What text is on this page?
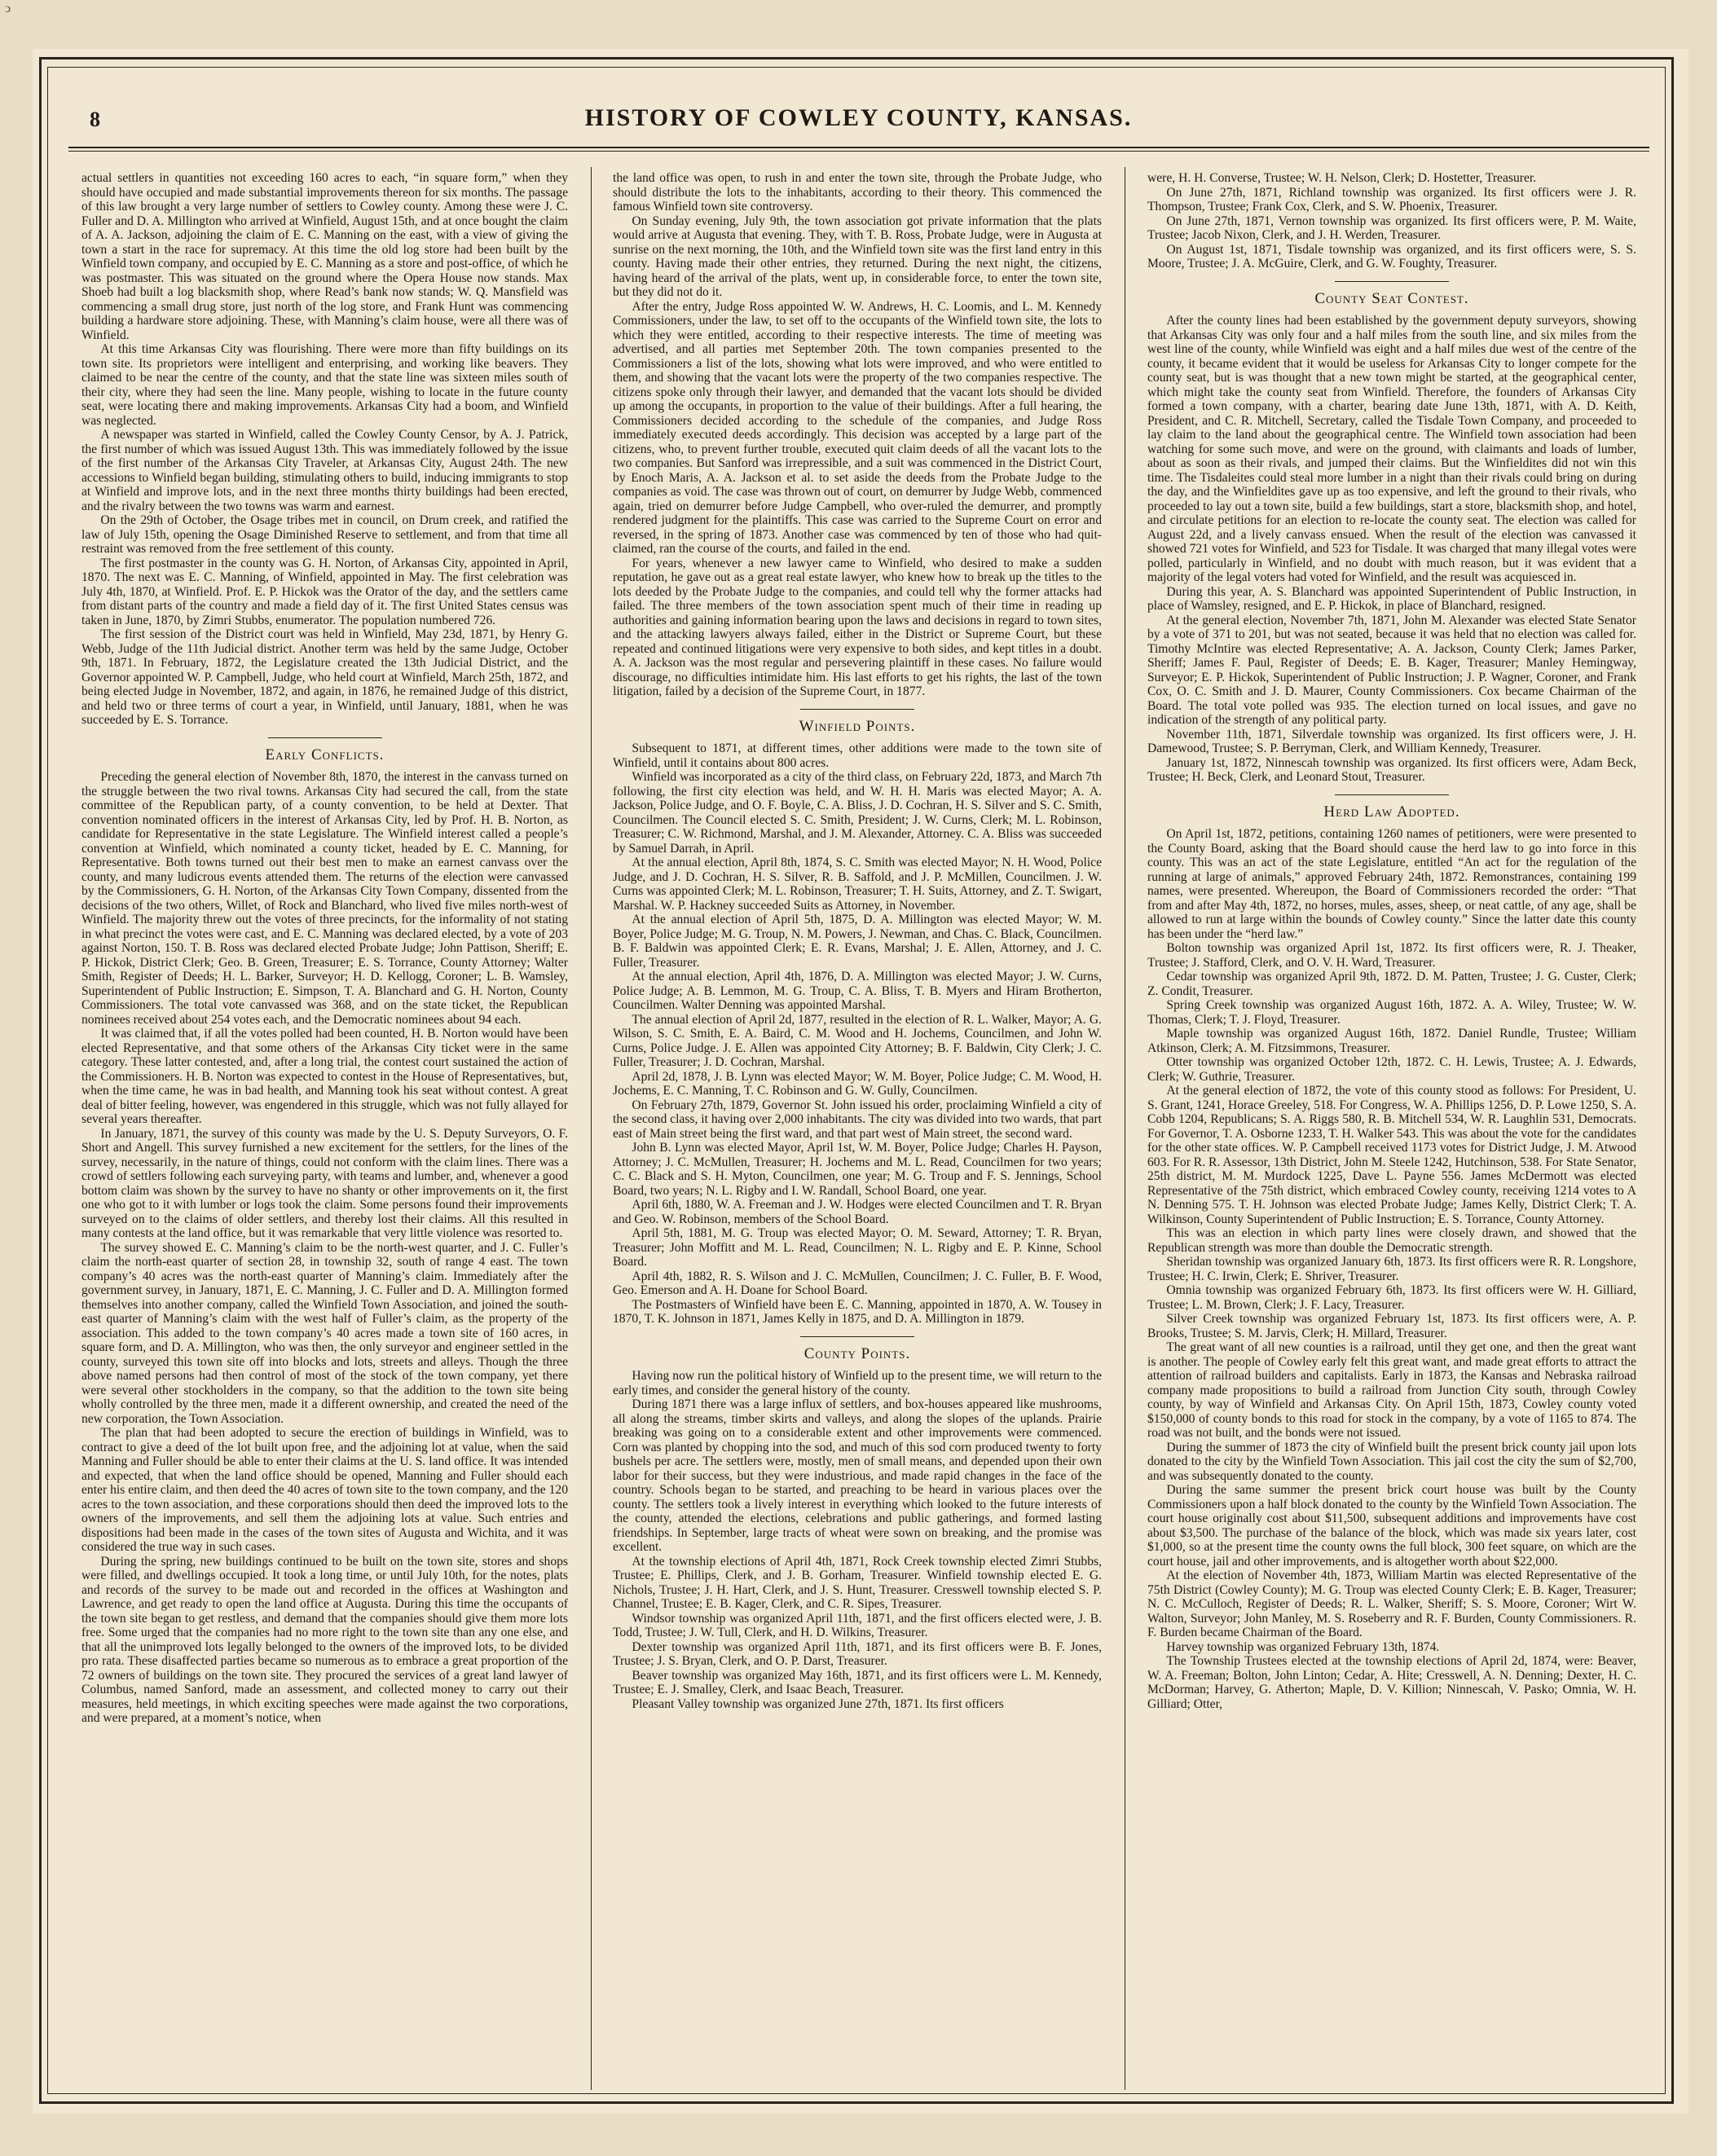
ↄ
8	HISTORY OF COWLEY COUNTY, KANSAS.

actual settlers in quantities not exceeding 160 acres to each, “in square form,” when they should have occupied and made substantial improvements thereon for six months. The passage of this law brought a very large number of settlers to Cowley county. Among these were J. C. Fuller and D. A. Millington who arrived at Winfield, August 15th, and at once bought the claim of A. A. Jackson, adjoining the claim of E. C. Manning on the east, with a view of giving the town a start in the race for supremacy. At this time the old log store had been built by the Winfield town company, and occupied by E. C. Manning as a store and post-office, of which he was postmaster. This was situated on the ground where the Opera House now stands. Max Shoeb had built a log blacksmith shop, where Read’s bank now stands; W. Q. Mansfield was commencing a small drug store, just north of the log store, and Frank Hunt was commencing building a hardware store adjoining. These, with Manning’s claim house, were all there was of Winfield.

At this time Arkansas City was flourishing. There were more than fifty buildings on its town site. Its proprietors were intelligent and enterprising, and working like beavers. They claimed to be near the centre of the county, and that the state line was sixteen miles south of their city, where they had seen the line. Many people, wishing to locate in the future county seat, were locating there and making improvements. Arkansas City had a boom, and Winfield was neglected.

A newspaper was started in Winfield, called the Cowley County Censor, by A. J. Patrick, the first number of which was issued August 13th. This was immediately followed by the issue of the first number of the Arkansas City Traveler, at Arkansas City, August 24th. The new accessions to Winfield began building, stimulating others to build, inducing immigrants to stop at Winfield and improve lots, and in the next three months thirty buildings had been erected, and the rivalry between the two towns was warm and earnest.

On the 29th of October, the Osage tribes met in council, on Drum creek, and ratified the law of July 15th, opening the Osage Diminished Reserve to settlement, and from that time all restraint was removed from the free settlement of this county.

The first postmaster in the county was G. H. Norton, of Arkansas City, appointed in April, 1870. The next was E. C. Manning, of Winfield, appointed in May. The first celebration was July 4th, 1870, at Winfield. Prof. E. P. Hickok was the Orator of the day, and the settlers came from distant parts of the country and made a field day of it. The first United States census was taken in June, 1870, by Zimri Stubbs, enumerator. The population numbered 726.

The first session of the District court was held in Winfield, May 23d, 1871, by Henry G. Webb, Judge of the 11th Judicial district. Another term was held by the same Judge, October 9th, 1871. In February, 1872, the Legislature created the 13th Judicial District, and the Governor appointed W. P. Campbell, Judge, who held court at Winfield, March 25th, 1872, and being elected Judge in November, 1872, and again, in 1876, he remained Judge of this district, and held two or three terms of court a year, in Winfield, until January, 1881, when he was succeeded by E. S. Torrance.

Early Conflicts.

Preceding the general election of November 8th, 1870, the interest in the canvass turned on the struggle between the two rival towns. Arkansas City had secured the call, from the state committee of the Republican party, of a county convention, to be held at Dexter. That convention nominated officers in the interest of Arkansas City, led by Prof. H. B. Norton, as candidate for Representative in the state Legislature. The Winfield interest called a people’s convention at Winfield, which nominated a county ticket, headed by E. C. Manning, for Representative. Both towns turned out their best men to make an earnest canvass over the county, and many ludicrous events attended them. The returns of the election were canvassed by the Commissioners, G. H. Norton, of the Arkansas City Town Company, dissented from the decisions of the two others, Willet, of Rock and Blanchard, who lived five miles north-west of Winfield. The majority threw out the votes of three precincts, for the informality of not stating in what precinct the votes were cast, and E. C. Manning was declared elected, by a vote of 203 against Norton, 150. T. B. Ross was declared elected Probate Judge; John Pattison, Sheriff; E. P. Hickok, District Clerk; Geo. B. Green, Treasurer; E. S. Torrance, County Attorney; Walter Smith, Register of Deeds; H. L. Barker, Surveyor; H. D. Kellogg, Coroner; L. B. Wamsley, Superintendent of Public Instruction; E. Simpson, T. A. Blanchard and G. H. Norton, County Commissioners. The total vote canvassed was 368, and on the state ticket, the Republican nominees received about 254 votes each, and the Democratic nominees about 94 each.

It was claimed that, if all the votes polled had been counted, H. B. Norton would have been elected Representative, and that some others of the Arkansas City ticket were in the same category. These latter contested, and, after a long trial, the contest court sustained the action of the Commissioners. H. B. Norton was expected to contest in the House of Representatives, but, when the time came, he was in bad health, and Manning took his seat without contest. A great deal of bitter feeling, however, was engendered in this struggle, which was not fully allayed for several years thereafter.

In January, 1871, the survey of this county was made by the U. S. Deputy Surveyors, O. F. Short and Angell. This survey furnished a new excitement for the settlers, for the lines of the survey, necessarily, in the nature of things, could not conform with the claim lines. There was a crowd of settlers following each surveying party, with teams and lumber, and, whenever a good bottom claim was shown by the survey to have no shanty or other improvements on it, the first one who got to it with lumber or logs took the claim. Some persons found their improvements surveyed on to the claims of older settlers, and thereby lost their claims. All this resulted in many contests at the land office, but it was remarkable that very little violence was resorted to.

The survey showed E. C. Manning’s claim to be the north-west quarter, and J. C. Fuller’s claim the north-east quarter of section 28, in township 32, south of range 4 east. The town company’s 40 acres was the north-east quarter of Manning’s claim. Immediately after the government survey, in January, 1871, E. C. Manning, J. C. Fuller and D. A. Millington formed themselves into another company, called the Winfield Town Association, and joined the south-east quarter of Manning’s claim with the west half of Fuller’s claim, as the property of the association. This added to the town company’s 40 acres made a town site of 160 acres, in square form, and D. A. Millington, who was then, the only surveyor and engineer settled in the county, surveyed this town site off into blocks and lots, streets and alleys. Though the three above named persons had then control of most of the stock of the town company, yet there were several other stockholders in the company, so that the addition to the town site being wholly controlled by the three men, made it a different ownership, and created the need of the new corporation, the Town Association.

The plan that had been adopted to secure the erection of buildings in Winfield, was to contract to give a deed of the lot built upon free, and the adjoining lot at value, when the said Manning and Fuller should be able to enter their claims at the U. S. land office. It was intended and expected, that when the land office should be opened, Manning and Fuller should each enter his entire claim, and then deed the 40 acres of town site to the town company, and the 120 acres to the town association, and these corporations should then deed the improved lots to the owners of the improvements, and sell them the adjoining lots at value. Such entries and dispositions had been made in the cases of the town sites of Augusta and Wichita, and it was considered the true way in such cases.

During the spring, new buildings continued to be built on the town site, stores and shops were filled, and dwellings occupied. It took a long time, or until July 10th, for the notes, plats and records of the survey to be made out and recorded in the offices at Washington and Lawrence, and get ready to open the land office at Augusta. During this time the occupants of the town site began to get restless, and demand that the companies should give them more lots free. Some urged that the companies had no more right to the town site than any one else, and that all the unimproved lots legally belonged to the owners of the improved lots, to be divided pro rata. These disaffected parties became so numerous as to embrace a great proportion of the 72 owners of buildings on the town site. They procured the services of a great land lawyer of Columbus, named Sanford, made an assessment, and collected money to carry out their measures, held meetings, in which exciting speeches were made against the two corporations, and were prepared, at a moment’s notice, when

the land office was open, to rush in and enter the town site, through the Probate Judge, who should distribute the lots to the inhabitants, according to their theory. This commenced the famous Winfield town site controversy.

On Sunday evening, July 9th, the town association got private information that the plats would arrive at Augusta that evening. They, with T. B. Ross, Probate Judge, were in Augusta at sunrise on the next morning, the 10th, and the Winfield town site was the first land entry in this county. Having made their other entries, they returned. During the next night, the citizens, having heard of the arrival of the plats, went up, in considerable force, to enter the town site, but they did not do it.

After the entry, Judge Ross appointed W. W. Andrews, H. C. Loomis, and L. M. Kennedy Commissioners, under the law, to set off to the occupants of the Winfield town site, the lots to which they were entitled, according to their respective interests. The time of meeting was advertised, and all parties met September 20th. The town companies presented to the Commissioners a list of the lots, showing what lots were improved, and who were entitled to them, and showing that the vacant lots were the property of the two companies respective. The citizens spoke only through their lawyer, and demanded that the vacant lots should be divided up among the occupants, in proportion to the value of their buildings. After a full hearing, the Commissioners decided according to the schedule of the companies, and Judge Ross immediately executed deeds accordingly. This decision was accepted by a large part of the citizens, who, to prevent further trouble, executed quit claim deeds of all the vacant lots to the two companies. But Sanford was irrepressible, and a suit was commenced in the District Court, by Enoch Maris, A. A. Jackson et al. to set aside the deeds from the Probate Judge to the companies as void. The case was thrown out of court, on demurrer by Judge Webb, commenced again, tried on demurrer before Judge Campbell, who over-ruled the demurrer, and promptly rendered judgment for the plaintiffs. This case was carried to the Supreme Court on error and reversed, in the spring of 1873. Another case was commenced by ten of those who had quit-claimed, ran the course of the courts, and failed in the end.

For years, whenever a new lawyer came to Winfield, who desired to make a sudden reputation, he gave out as a great real estate lawyer, who knew how to break up the titles to the lots deeded by the Probate Judge to the companies, and could tell why the former attacks had failed. The three members of the town association spent much of their time in reading up authorities and gaining information bearing upon the laws and decisions in regard to town sites, and the attacking lawyers always failed, either in the District or Supreme Court, but these repeated and continued litigations were very expensive to both sides, and kept titles in a doubt. A. A. Jackson was the most regular and persevering plaintiff in these cases. No failure would discourage, no difficulties intimidate him. His last efforts to get his rights, the last of the town litigation, failed by a decision of the Supreme Court, in 1877.

Winfield Points.

Subsequent to 1871, at different times, other additions were made to the town site of Winfield, until it contains about 800 acres.

Winfield was incorporated as a city of the third class, on February 22d, 1873, and March 7th following, the first city election was held, and W. H. H. Maris was elected Mayor; A. A. Jackson, Police Judge, and O. F. Boyle, C. A. Bliss, J. D. Cochran, H. S. Silver and S. C. Smith, Councilmen. The Council elected S. C. Smith, President; J. W. Curns, Clerk; M. L. Robinson, Treasurer; C. W. Richmond, Marshal, and J. M. Alexander, Attorney. C. A. Bliss was succeeded by Samuel Darrah, in April.

At the annual election, April 8th, 1874, S. C. Smith was elected Mayor; N. H. Wood, Police Judge, and J. D. Cochran, H. S. Silver, R. B. Saffold, and J. P. McMillen, Councilmen. J. W. Curns was appointed Clerk; M. L. Robinson, Treasurer; T. H. Suits, Attorney, and Z. T. Swigart, Marshal. W. P. Hackney succeeded Suits as Attorney, in November.

At the annual election of April 5th, 1875, D. A. Millington was elected Mayor; W. M. Boyer, Police Judge; M. G. Troup, N. M. Powers, J. Newman, and Chas. C. Black, Councilmen. B. F. Baldwin was appointed Clerk; E. R. Evans, Marshal; J. E. Allen, Attorney, and J. C. Fuller, Treasurer.

At the annual election, April 4th, 1876, D. A. Millington was elected Mayor; J. W. Curns, Police Judge; A. B. Lemmon, M. G. Troup, C. A. Bliss, T. B. Myers and Hiram Brotherton, Councilmen. Walter Denning was appointed Marshal.

The annual election of April 2d, 1877, resulted in the election of R. L. Walker, Mayor; A. G. Wilson, S. C. Smith, E. A. Baird, C. M. Wood and H. Jochems, Councilmen, and John W. Curns, Police Judge. J. E. Allen was appointed City Attorney; B. F. Baldwin, City Clerk; J. C. Fuller, Treasurer; J. D. Cochran, Marshal.

April 2d, 1878, J. B. Lynn was elected Mayor; W. M. Boyer, Police Judge; C. M. Wood, H. Jochems, E. C. Manning, T. C. Robinson and G. W. Gully, Councilmen.

On February 27th, 1879, Governor St. John issued his order, proclaiming Winfield a city of the second class, it having over 2,000 inhabitants. The city was divided into two wards, that part east of Main street being the first ward, and that part west of Main street, the second ward.

John B. Lynn was elected Mayor, April 1st, W. M. Boyer, Police Judge; Charles H. Payson, Attorney; J. C. McMullen, Treasurer; H. Jochems and M. L. Read, Councilmen for two years; C. C. Black and S. H. Myton, Councilmen, one year; M. G. Troup and F. S. Jennings, School Board, two years; N. L. Rigby and I. W. Randall, School Board, one year.

April 6th, 1880, W. A. Freeman and J. W. Hodges were elected Councilmen and T. R. Bryan and Geo. W. Robinson, members of the School Board.

April 5th, 1881, M. G. Troup was elected Mayor; O. M. Seward, Attorney; T. R. Bryan, Treasurer; John Moffitt and M. L. Read, Councilmen; N. L. Rigby and E. P. Kinne, School Board.

April 4th, 1882, R. S. Wilson and J. C. McMullen, Councilmen; J. C. Fuller, B. F. Wood, Geo. Emerson and A. H. Doane for School Board.

The Postmasters of Winfield have been E. C. Manning, appointed in 1870, A. W. Tousey in 1870, T. K. Johnson in 1871, James Kelly in 1875, and D. A. Millington in 1879.

County Points.

Having now run the political history of Winfield up to the present time, we will return to the early times, and consider the general history of the county.

During 1871 there was a large influx of settlers, and box-houses appeared like mushrooms, all along the streams, timber skirts and valleys, and along the slopes of the uplands. Prairie breaking was going on to a considerable extent and other improvements were commenced. Corn was planted by chopping into the sod, and much of this sod corn produced twenty to forty bushels per acre. The settlers were, mostly, men of small means, and depended upon their own labor for their success, but they were industrious, and made rapid changes in the face of the country. Schools began to be started, and preaching to be heard in various places over the county. The settlers took a lively interest in everything which looked to the future interests of the county, attended the elections, celebrations and public gatherings, and formed lasting friendships. In September, large tracts of wheat were sown on breaking, and the promise was excellent.

At the township elections of April 4th, 1871, Rock Creek township elected Zimri Stubbs, Trustee; E. Phillips, Clerk, and J. B. Gorham, Treasurer. Winfield township elected E. G. Nichols, Trustee; J. H. Hart, Clerk, and J. S. Hunt, Treasurer. Cresswell township elected S. P. Channel, Trustee; E. B. Kager, Clerk, and C. R. Sipes, Treasurer.

Windsor township was organized April 11th, 1871, and the first officers elected were, J. B. Todd, Trustee; J. W. Tull, Clerk, and H. D. Wilkins, Treasurer.

Dexter township was organized April 11th, 1871, and its first officers were B. F. Jones, Trustee; J. S. Bryan, Clerk, and O. P. Darst, Treasurer.

Beaver township was organized May 16th, 1871, and its first officers were L. M. Kennedy, Trustee; E. J. Smalley, Clerk, and Isaac Beach, Treasurer.

Pleasant Valley township was organized June 27th, 1871. Its first officers

were, H. H. Converse, Trustee; W. H. Nelson, Clerk; D. Hostetter, Treasurer.

On June 27th, 1871, Richland township was organized. Its first officers were J. R. Thompson, Trustee; Frank Cox, Clerk, and S. W. Phoenix, Treasurer.

On June 27th, 1871, Vernon township was organized. Its first officers were, P. M. Waite, Trustee; Jacob Nixon, Clerk, and J. H. Werden, Treasurer.

On August 1st, 1871, Tisdale township was organized, and its first officers were, S. S. Moore, Trustee; J. A. McGuire, Clerk, and G. W. Foughty, Treasurer.

County Seat Contest.

After the county lines had been established by the government deputy surveyors, showing that Arkansas City was only four and a half miles from the south line, and six miles from the west line of the county, while Winfield was eight and a half miles due west of the centre of the county, it became evident that it would be useless for Arkansas City to longer compete for the county seat, but is was thought that a new town might be started, at the geographical center, which might take the county seat from Winfield. Therefore, the founders of Arkansas City formed a town company, with a charter, bearing date June 13th, 1871, with A. D. Keith, President, and C. R. Mitchell, Secretary, called the Tisdale Town Company, and proceeded to lay claim to the land about the geographical centre. The Winfield town association had been watching for some such move, and were on the ground, with claimants and loads of lumber, about as soon as their rivals, and jumped their claims. But the Winfieldites did not win this time. The Tisdaleites could steal more lumber in a night than their rivals could bring on during the day, and the Winfieldites gave up as too expensive, and left the ground to their rivals, who proceeded to lay out a town site, build a few buildings, start a store, blacksmith shop, and hotel, and circulate petitions for an election to re-locate the county seat. The election was called for August 22d, and a lively canvass ensued. When the result of the election was canvassed it showed 721 votes for Winfield, and 523 for Tisdale. It was charged that many illegal votes were polled, particularly in Winfield, and no doubt with much reason, but it was evident that a majority of the legal voters had voted for Winfield, and the result was acquiesced in.

During this year, A. S. Blanchard was appointed Superintendent of Public Instruction, in place of Wamsley, resigned, and E. P. Hickok, in place of Blanchard, resigned.

At the general election, November 7th, 1871, John M. Alexander was elected State Senator by a vote of 371 to 201, but was not seated, because it was held that no election was called for. Timothy McIntire was elected Representative; A. A. Jackson, County Clerk; James Parker, Sheriff; James F. Paul, Register of Deeds; E. B. Kager, Treasurer; Manley Hemingway, Surveyor; E. P. Hickok, Superintendent of Public Instruction; J. P. Wagner, Coroner, and Frank Cox, O. C. Smith and J. D. Maurer, County Commissioners. Cox became Chairman of the Board. The total vote polled was 935. The election turned on local issues, and gave no indication of the strength of any political party.

November 11th, 1871, Silverdale township was organized. Its first officers were, J. H. Damewood, Trustee; S. P. Berryman, Clerk, and William Kennedy, Treasurer.

January 1st, 1872, Ninnescah township was organized. Its first officers were, Adam Beck, Trustee; H. Beck, Clerk, and Leonard Stout, Treasurer.

Herd Law Adopted.

On April 1st, 1872, petitions, containing 1260 names of petitioners, were were presented to the County Board, asking that the Board should cause the herd law to go into force in this county. This was an act of the state Legislature, entitled “An act for the regulation of the running at large of animals,” approved February 24th, 1872. Remonstrances, containing 199 names, were presented. Whereupon, the Board of Commissioners recorded the order: “That from and after May 4th, 1872, no horses, mules, asses, sheep, or neat cattle, of any age, shall be allowed to run at large within the bounds of Cowley county.” Since the latter date this county has been under the “herd law.”

Bolton township was organized April 1st, 1872. Its first officers were, R. J. Theaker, Trustee; J. Stafford, Clerk, and O. V. H. Ward, Treasurer.

Cedar township was organized April 9th, 1872. D. M. Patten, Trustee; J. G. Custer, Clerk; Z. Condit, Treasurer.

Spring Creek township was organized August 16th, 1872. A. A. Wiley, Trustee; W. W. Thomas, Clerk; T. J. Floyd, Treasurer.

Maple township was organized August 16th, 1872. Daniel Rundle, Trustee; William Atkinson, Clerk; A. M. Fitzsimmons, Treasurer.

Otter township was organized October 12th, 1872. C. H. Lewis, Trustee; A. J. Edwards, Clerk; W. Guthrie, Treasurer.

At the general election of 1872, the vote of this county stood as follows: For President, U. S. Grant, 1241, Horace Greeley, 518. For Congress, W. A. Phillips 1256, D. P. Lowe 1250, S. A. Cobb 1204, Republicans; S. A. Riggs 580, R. B. Mitchell 534, W. R. Laughlin 531, Democrats. For Governor, T. A. Osborne 1233, T. H. Walker 543. This was about the vote for the candidates for the other state offices. W. P. Campbell received 1173 votes for District Judge, J. M. Atwood 603. For R. R. Assessor, 13th District, John M. Steele 1242, Hutchinson, 538. For State Senator, 25th district, M. M. Murdock 1225, Dave L. Payne 556. James McDermott was elected Representative of the 75th district, which embraced Cowley county, receiving 1214 votes to A N. Denning 575. T. H. Johnson was elected Probate Judge; James Kelly, District Clerk; T. A. Wilkinson, County Superintendent of Public Instruction; E. S. Torrance, County Attorney.

This was an election in which party lines were closely drawn, and showed that the Republican strength was more than double the Democratic strength.

Sheridan township was organized January 6th, 1873. Its first officers were R. R. Longshore, Trustee; H. C. Irwin, Clerk; E. Shriver, Treasurer.

Omnia township was organized February 6th, 1873. Its first officers were W. H. Gilliard, Trustee; L. M. Brown, Clerk; J. F. Lacy, Treasurer.

Silver Creek township was organized February 1st, 1873. Its first officers were, A. P. Brooks, Trustee; S. M. Jarvis, Clerk; H. Millard, Treasurer.

The great want of all new counties is a railroad, until they get one, and then the great want is another. The people of Cowley early felt this great want, and made great efforts to attract the attention of railroad builders and capitalists. Early in 1873, the Kansas and Nebraska railroad company made propositions to build a railroad from Junction City south, through Cowley county, by way of Winfield and Arkansas City. On April 15th, 1873, Cowley county voted $150,000 of county bonds to this road for stock in the company, by a vote of 1165 to 874. The road was not built, and the bonds were not issued.

During the summer of 1873 the city of Winfield built the present brick county jail upon lots donated to the city by the Winfield Town Association. This jail cost the city the sum of $2,700, and was subsequently donated to the county.

During the same summer the present brick court house was built by the County Commissioners upon a half block donated to the county by the Winfield Town Association. The court house originally cost about $11,500, subsequent additions and improvements have cost about $3,500. The purchase of the balance of the block, which was made six years later, cost $1,000, so at the present time the county owns the full block, 300 feet square, on which are the court house, jail and other improvements, and is altogether worth about $22,000.

At the election of November 4th, 1873, William Martin was elected Representative of the 75th District (Cowley County); M. G. Troup was elected County Clerk; E. B. Kager, Treasurer; N. C. McCulloch, Register of Deeds; R. L. Walker, Sheriff; S. S. Moore, Coroner; Wirt W. Walton, Surveyor; John Manley, M. S. Roseberry and R. F. Burden, County Commissioners. R. F. Burden became Chairman of the Board.

Harvey township was organized February 13th, 1874.

The Township Trustees elected at the township elections of April 2d, 1874, were: Beaver, W. A. Freeman; Bolton, John Linton; Cedar, A. Hite; Cresswell, A. N. Denning; Dexter, H. C. McDorman; Harvey, G. Atherton; Maple, D. V. Killion; Ninnescah, V. Pasko; Omnia, W. H. Gilliard; Otter,
